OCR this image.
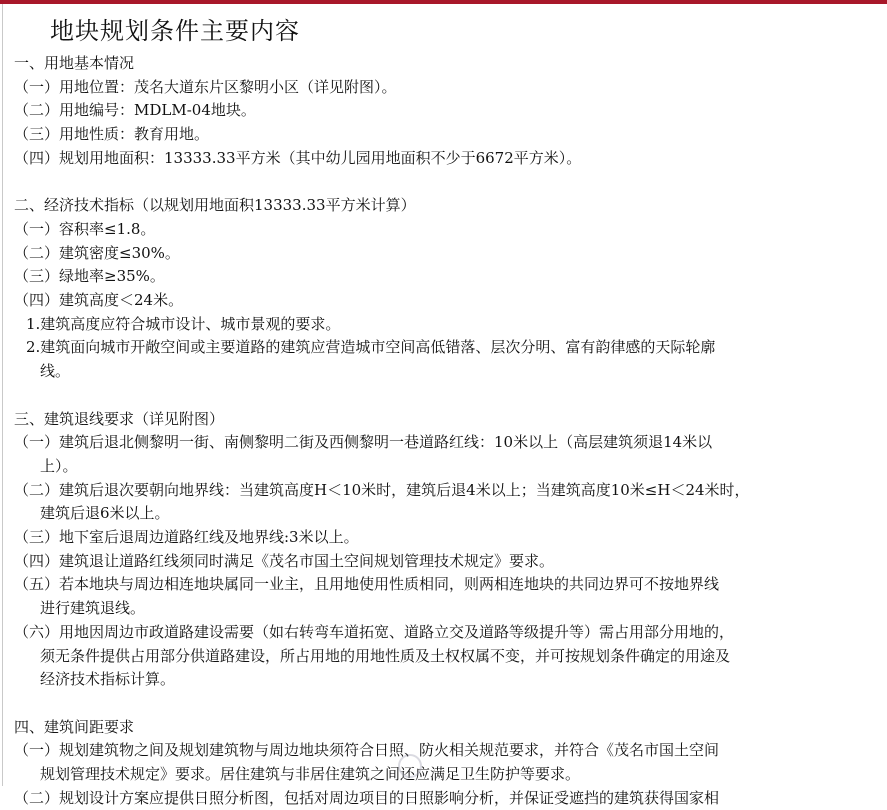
地块规划条件主要内容
一、用地基本情况
（一）用地位置：茂名大道东片区黎明小区（详见附图）。
（二）用地编号：MDLM-04地块。
（三）用地性质：教育用地。
（四）规划用地面积：13333.33平方米（其中幼儿园用地面积不少于6672平方米）。
二、经济技术指标（以规划用地面积13333.33平方米计算）
（一）容积率≤1.8。
（二）建筑密度≤30%。
（三）绿地率≥35%。
（四）建筑高度＜24米。
1.建筑高度应符合城市设计、城市景观的要求。
2.建筑面向城市开敞空间或主要道路的建筑应营造城市空间高低错落、层次分明、富有韵律感的天际轮廓
线。
三、建筑退线要求（详见附图）
（一）建筑后退北侧黎明一街、南侧黎明二街及西侧黎明一巷道路红线：10米以上（高层建筑须退14米以
上）。
（二）建筑后退次要朝向地界线：当建筑高度H＜10米时，建筑后退4米以上；当建筑高度10米≤H＜24米时，
建筑后退6米以上。
（三）地下室后退周边道路红线及地界线:3米以上。
（四）建筑退让道路红线须同时满足《茂名市国土空间规划管理技术规定》要求。
（五）若本地块与周边相连地块属同一业主，且用地使用性质相同，则两相连地块的共同边界可不按地界线
进行建筑退线。
（六）用地因周边市政道路建设需要（如右转弯车道拓宽、道路立交及道路等级提升等）需占用部分用地的，
须无条件提供占用部分供道路建设，所占用地的用地性质及土权权属不变，并可按规划条件确定的用途及
经济技术指标计算。
四、建筑间距要求
（一）规划建筑物之间及规划建筑物与周边地块须符合日照、防火相关规范要求，并符合《茂名市国土空间
规划管理技术规定》要求。居住建筑与非居住建筑之间还应满足卫生防护等要求。
（二）规划设计方案应提供日照分析图，包括对周边项目的日照影响分析，并保证受遮挡的建筑获得国家相
